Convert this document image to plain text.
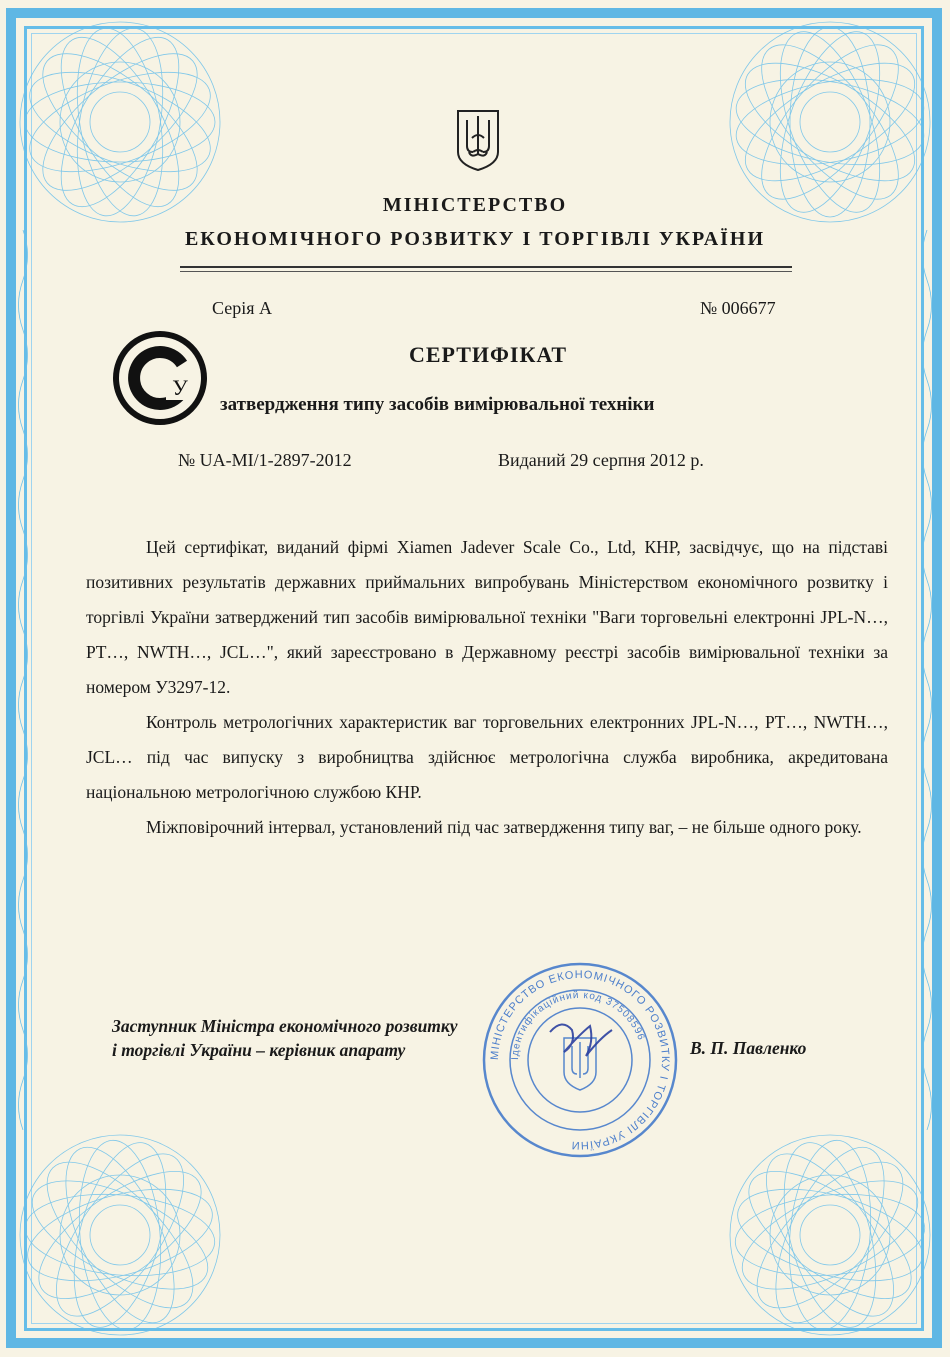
МІНІСТЕРСТВО
ЕКОНОМІЧНОГО РОЗВИТКУ І ТОРГІВЛІ УКРАЇНИ
Серія А	№ 006677
У
СЕРТИФІКАТ
затвердження типу засобів вимірювальної техніки
№ UA-MI/1-2897-2012	Виданий 29 серпня 2012 р.

Цей сертифікат, виданий фірмі Xiamen Jadever Scale Co., Ltd, КНР, засвідчує, що на підставі позитивних результатів державних приймальних випробувань Міністерством економічного розвитку і торгівлі України затверджений тип засобів вимірювальної техніки "Ваги торговельні електронні JPL-N…, PT…, NWTH…, JCL…", який зареєстровано в Державному реєстрі засобів вимірювальної техніки за номером У3297-12.

Контроль метрологічних характеристик ваг торговельних електронних JPL-N…, PT…, NWTH…, JCL… під час випуску з виробництва здійснює метрологічна служба виробника, акредитована національною метрологічною службою КНР.

Міжповірочний інтервал, установлений під час затвердження типу ваг, – не більше одного року.

МІНІСТЕРСТВО ЕКОНОМІЧНОГО РОЗВИТКУ І ТОРГІВЛІ УКРАЇНИ
Ідентифікаційний код 37508596
Заступник Міністра економічного розвитку
і торгівлі України – керівник апарату	В. П. Павленко
